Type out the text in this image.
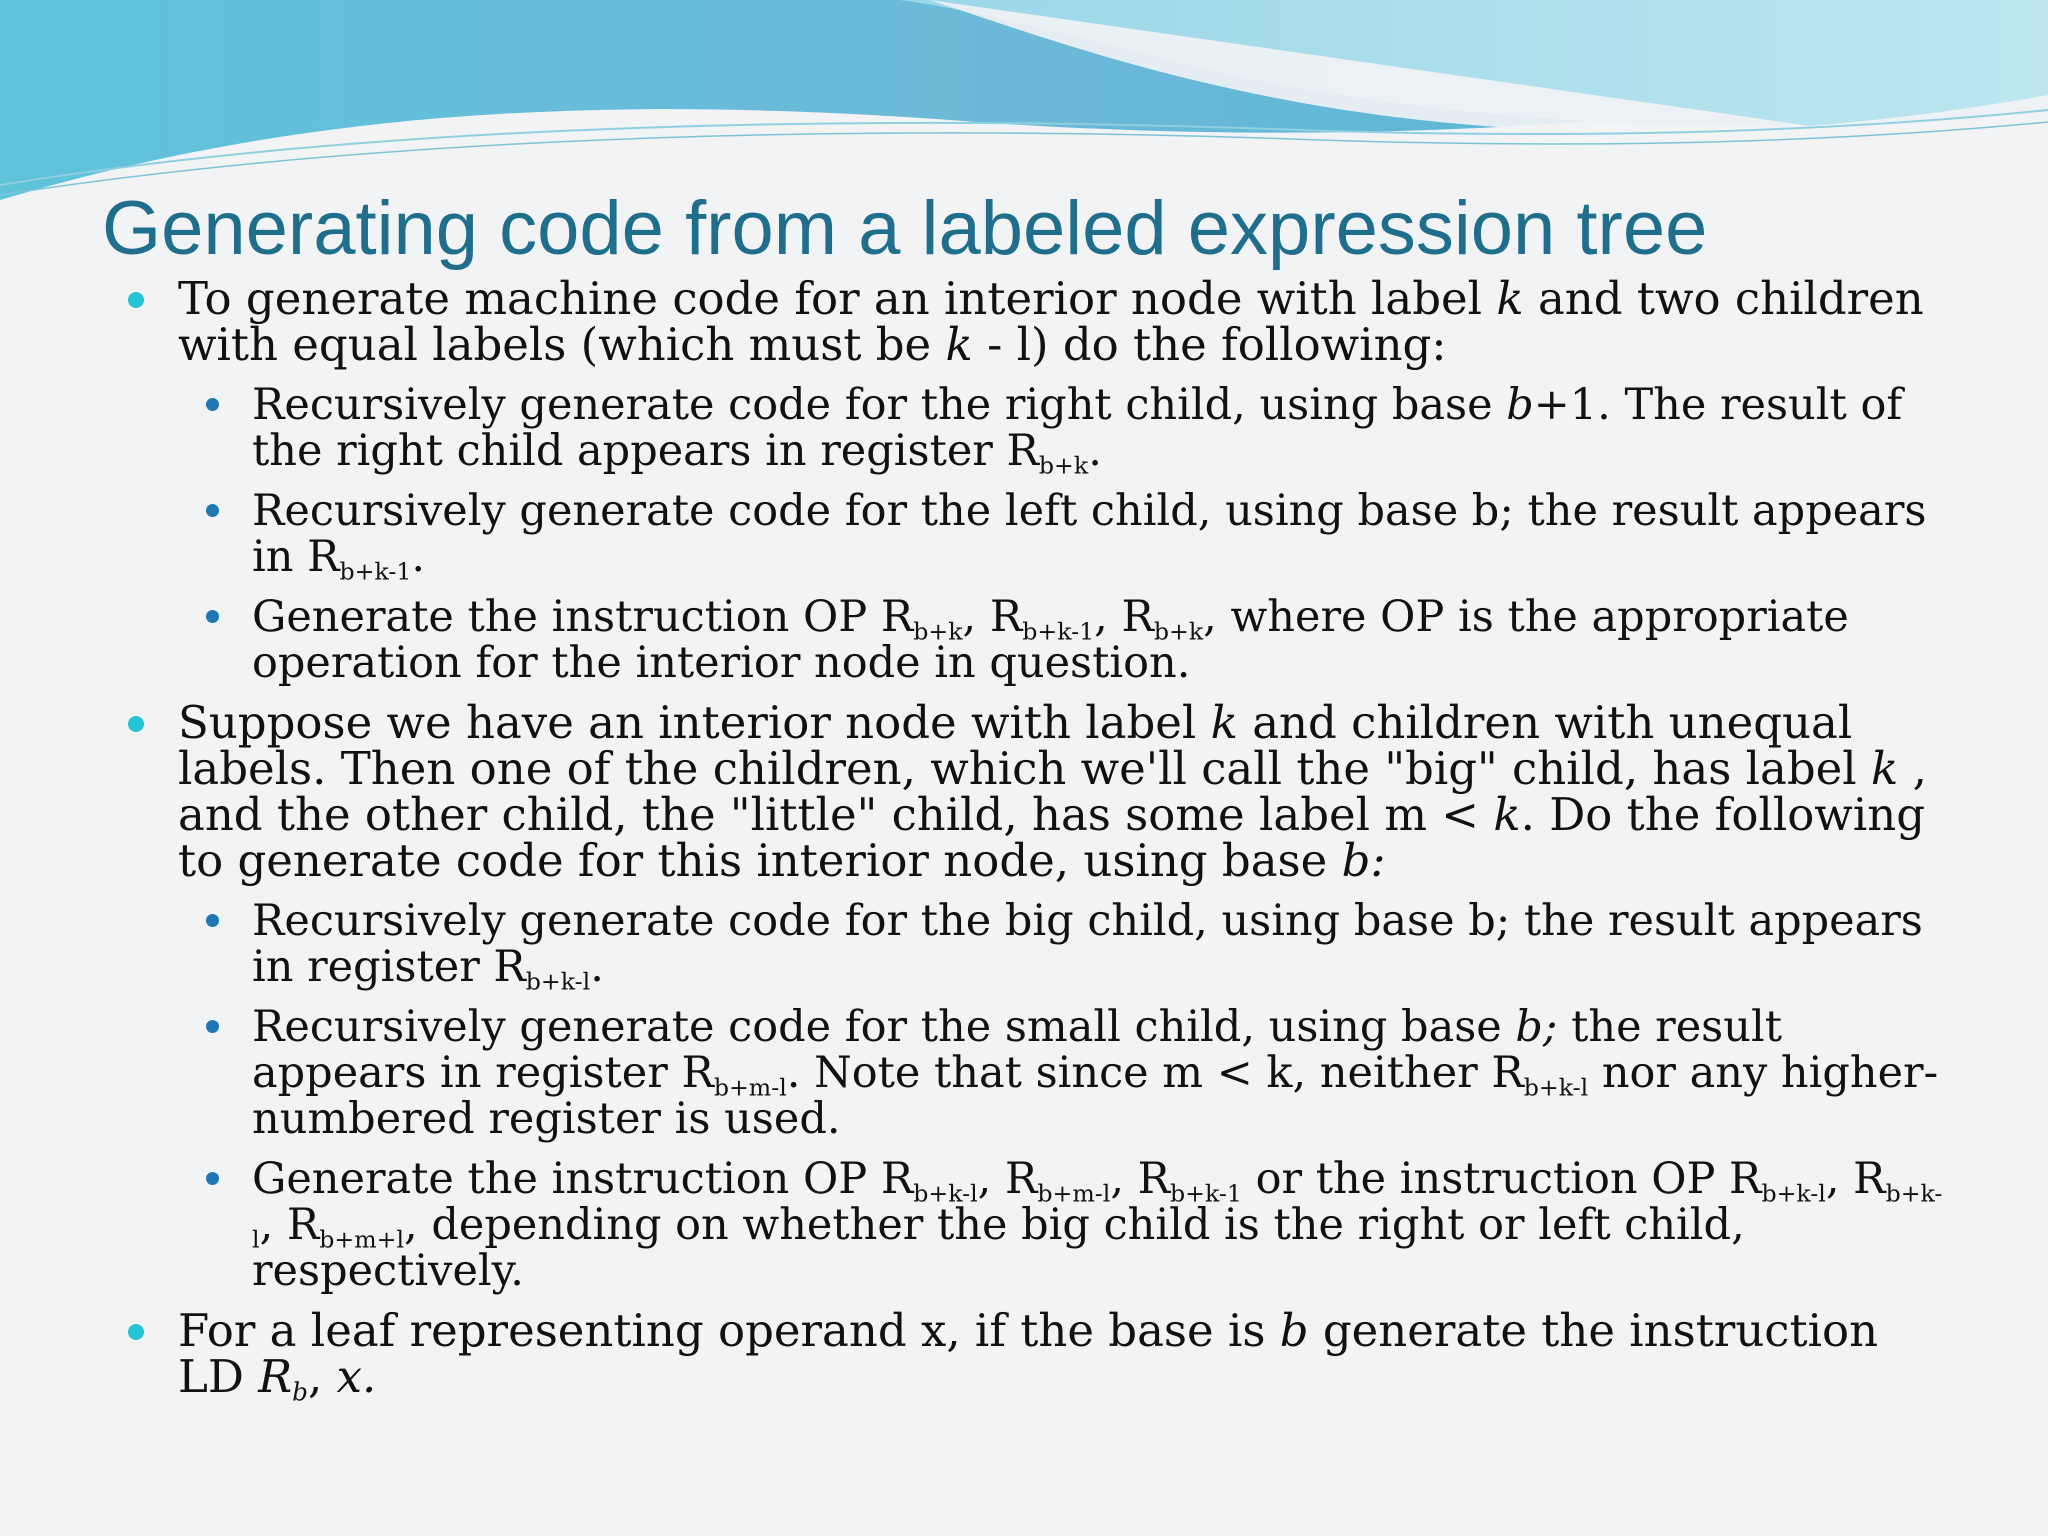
Generating code from a labeled expression tree
To generate machine code for an interior node with label k and two children with equal labels (which must be k - l) do the following:
Recursively generate code for the right child, using base b+1. The result of the right child appears in register $R_{b+k}$.
Recursively generate code for the left child, using base b; the result appears in $R_{b+k-1}$.
Generate the instruction OP $R_{b+k}$, $R_{b+k-1}$, $R_{b+k}$, where OP is the appropriate operation for the interior node in question.
Suppose we have an interior node with label k and children with unequal labels. Then one of the children, which we'll call the "big" child, has label k , and the other child, the "little" child, has some label m < k. Do the following to generate code for this interior node, using base b:
Recursively generate code for the big child, using base b; the result appears in register $R_{b+k-l}$.
Recursively generate code for the small child, using base b; the result appears in register $R_{b+m-l}$. Note that since m < k, neither $R_{b+k-l}$ nor any higher-numbered register is used.
Generate the instruction OP $R_{b+k-l}$, $R_{b+m-l}$, $R_{b+k-1}$ or the instruction OP $R_{b+k-l}$, $R_{b+k-l}$, $R_{b+m+l}$, depending on whether the big child is the right or left child, respectively.
For a leaf representing operand x, if the base is b generate the instruction LD $R_b$, x.
